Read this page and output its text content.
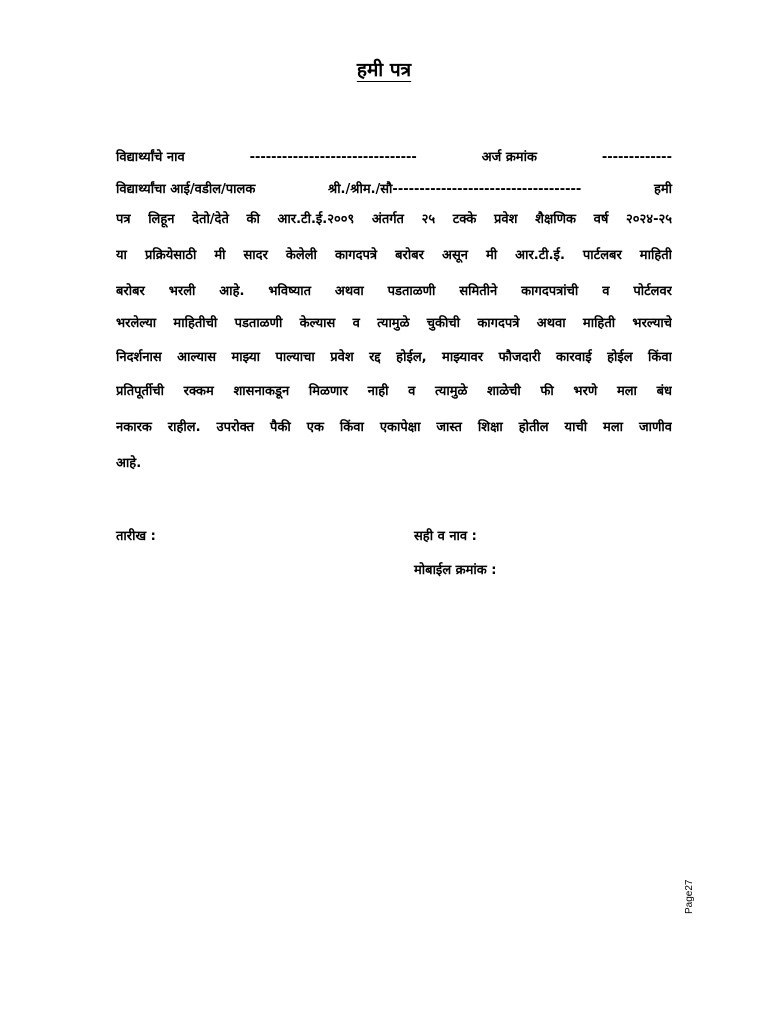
हमी पत्र
विद्यार्थ्यांचे नाव	-------------------------------	अर्ज क्रमांक	-------------
विद्यार्थ्यांचा आई/वडील/पालक	श्री./श्रीम./सौ-----------------------------------	हमी
पत्र लिहून देतो/देते की आर.टी.ई.२००९ अंतर्गत २५ टक्के प्रवेश शैक्षणिक वर्ष २०२४-२५
या प्रक्रियेसाठी मी सादर केलेली कागदपत्रे बरोबर असून मी आर.टी.ई. पार्टलबर माहिती
बरोबर भरली आहे. भविष्यात अथवा पडताळणी समितीने कागदपत्रांची व पोर्टलवर
भरलेल्या माहितीची पडताळणी केल्यास व त्यामुळे चुकीची कागदपत्रे अथवा माहिती भरल्याचे
निदर्शनास आल्यास माझ्या पाल्याचा प्रवेश रद्द होईल, माझ्यावर फौजदारी कारवाई होईल किंवा
प्रतिपूर्तीची रक्कम शासनाकडून मिळणार नाही व त्यामुळे शाळेची फी भरणे मला बंध
नकारक राहील. उपरोक्त पैकी एक किंवा एकापेक्षा जास्त शिक्षा होतील याची मला जाणीव
आहे.
तारीख :	सही व नाव :
मोबाईल क्रमांक :
Page27
